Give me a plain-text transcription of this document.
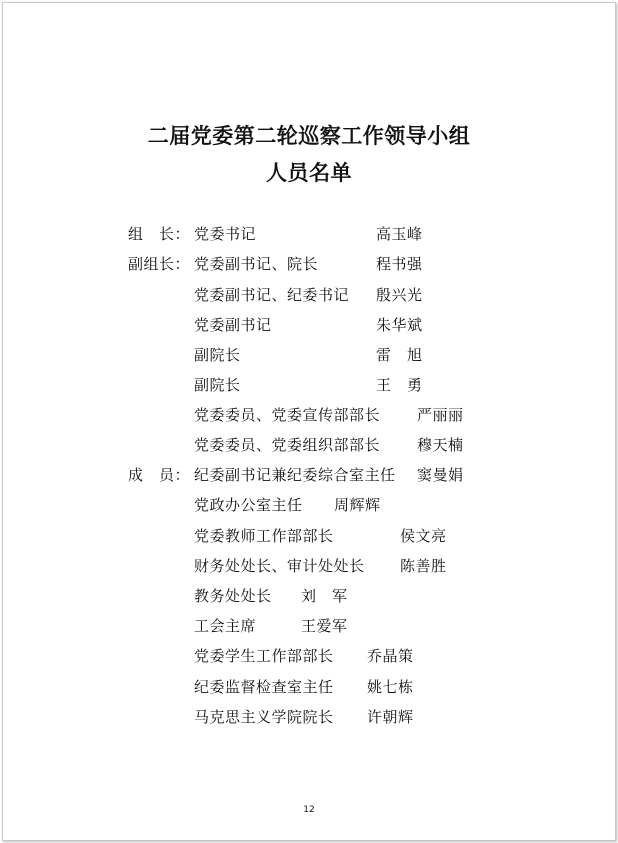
二届党委第二轮巡察工作领导小组
人员名单
组　长： 党委书记	高玉峰
副组长： 党委副书记、院长	程书强
党委副书记、纪委书记 殷兴光
党委副书记	朱华斌
副院长	雷　旭
副院长	王　勇
党委委员、党委宣传部部长 严丽丽
党委委员、党委组织部部长 穆天楠
成　员： 纪委副书记兼纪委综合室主任 窦曼娟
党政办公室主任 周辉辉
党委教师工作部部长	侯文亮
财务处处长、审计处处长 陈善胜
教务处处长 刘　军
工会主席	王爱军
党委学生工作部部长 乔晶策
纪委监督检查室主任 姚七栋
马克思主义学院院长 许朝辉
12
